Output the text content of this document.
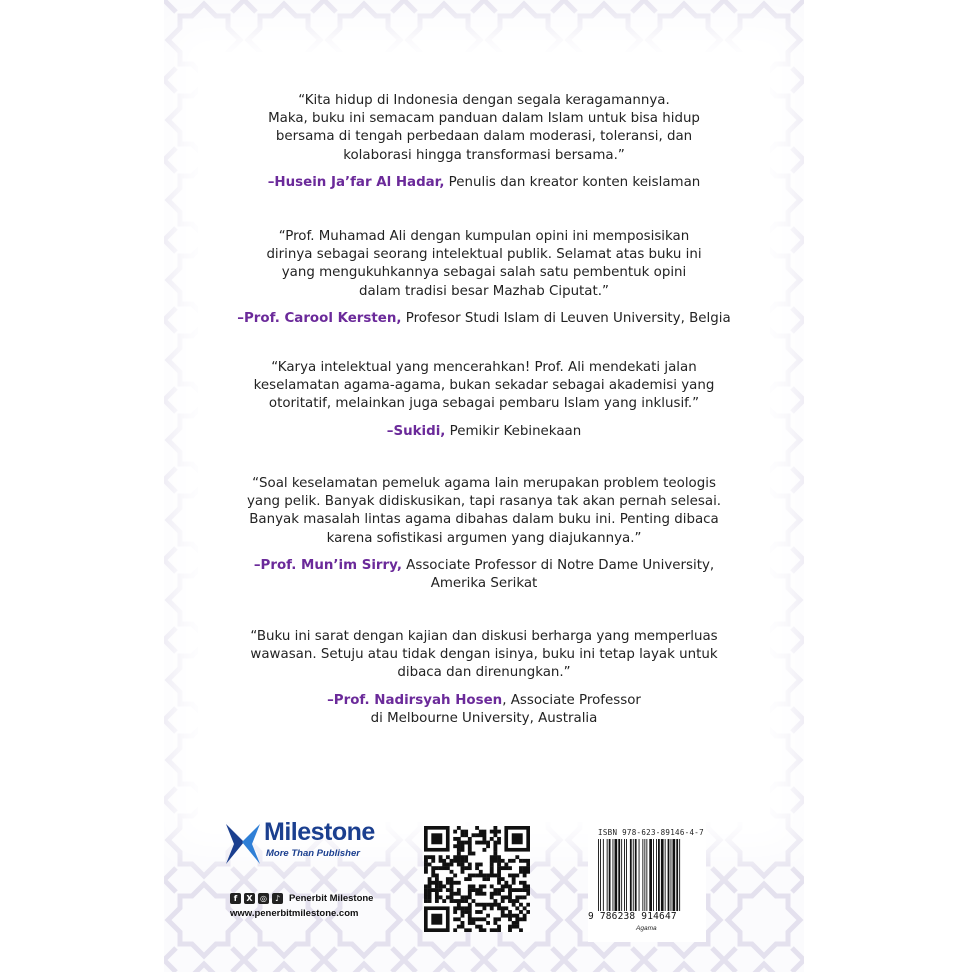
“Kita hidup di Indonesia dengan segala keragamannya.
Maka, buku ini semacam panduan dalam Islam untuk bisa hidup
bersama di tengah perbedaan dalam moderasi, toleransi, dan
kolaborasi hingga transformasi bersama.”
–Husein Ja’far Al Hadar, Penulis dan kreator konten keislaman
“Prof. Muhamad Ali dengan kumpulan opini ini memposisikan
dirinya sebagai seorang intelektual publik. Selamat atas buku ini
yang mengukuhkannya sebagai salah satu pembentuk opini
dalam tradisi besar Mazhab Ciputat.”
–Prof. Carool Kersten, Profesor Studi Islam di Leuven University, Belgia
“Karya intelektual yang mencerahkan! Prof. Ali mendekati jalan
keselamatan agama-agama, bukan sekadar sebagai akademisi yang
otoritatif, melainkan juga sebagai pembaru Islam yang inklusif.”
–Sukidi, Pemikir Kebinekaan
“Soal keselamatan pemeluk agama lain merupakan problem teologis
yang pelik. Banyak didiskusikan, tapi rasanya tak akan pernah selesai.
Banyak masalah lintas agama dibahas dalam buku ini. Penting dibaca
karena sofistikasi argumen yang diajukannya.”
–Prof. Mun’im Sirry, Associate Professor di Notre Dame University,
Amerika Serikat
“Buku ini sarat dengan kajian dan diskusi berharga yang memperluas
wawasan. Setuju atau tidak dengan isinya, buku ini tetap layak untuk
dibaca dan direnungkan.”
–Prof. Nadirsyah Hosen, Associate Professor
di Melbourne University, Australia
Milestone
More Than Publisher
f	X ◎ ♪ Penerbit Milestone
www.penerbitmilestone.com
ISBN 978-623-89146-4-7
9 786238 914647
Agama
